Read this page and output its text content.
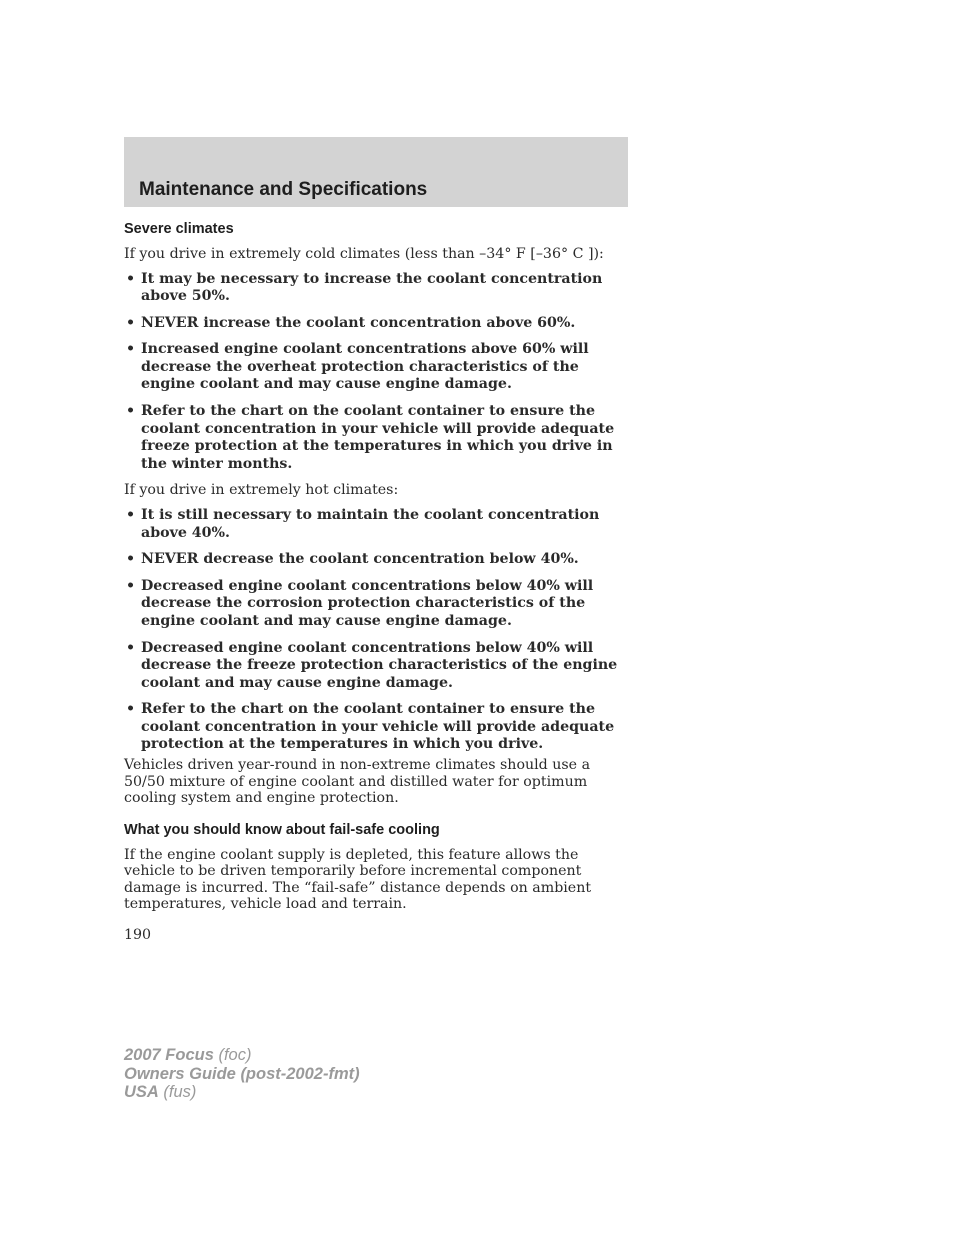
Maintenance and Specifications
Severe climates

If you drive in extremely cold climates (less than –34° F [–36° C ]):

• It may be necessary to increase the coolant concentration above 50%.
• NEVER increase the coolant concentration above 60%.
• Increased engine coolant concentrations above 60% will decrease the overheat protection characteristics of the engine coolant and may cause engine damage.
• Refer to the chart on the coolant container to ensure the coolant concentration in your vehicle will provide adequate freeze protection at the temperatures in which you drive in the winter months.

If you drive in extremely hot climates:

• It is still necessary to maintain the coolant concentration above 40%.
• NEVER decrease the coolant concentration below 40%.
• Decreased engine coolant concentrations below 40% will decrease the corrosion protection characteristics of the engine coolant and may cause engine damage.
• Decreased engine coolant concentrations below 40% will decrease the freeze protection characteristics of the engine coolant and may cause engine damage.
• Refer to the chart on the coolant container to ensure the coolant concentration in your vehicle will provide adequate protection at the temperatures in which you drive.

Vehicles driven year-round in non-extreme climates should use a 50/50 mixture of engine coolant and distilled water for optimum cooling system and engine protection.

What you should know about fail-safe cooling

If the engine coolant supply is depleted, this feature allows the vehicle to be driven temporarily before incremental component damage is incurred. The “fail-safe” distance depends on ambient temperatures, vehicle load and terrain.

190
2007 Focus (foc)
Owners Guide (post-2002-fmt)
USA (fus)
